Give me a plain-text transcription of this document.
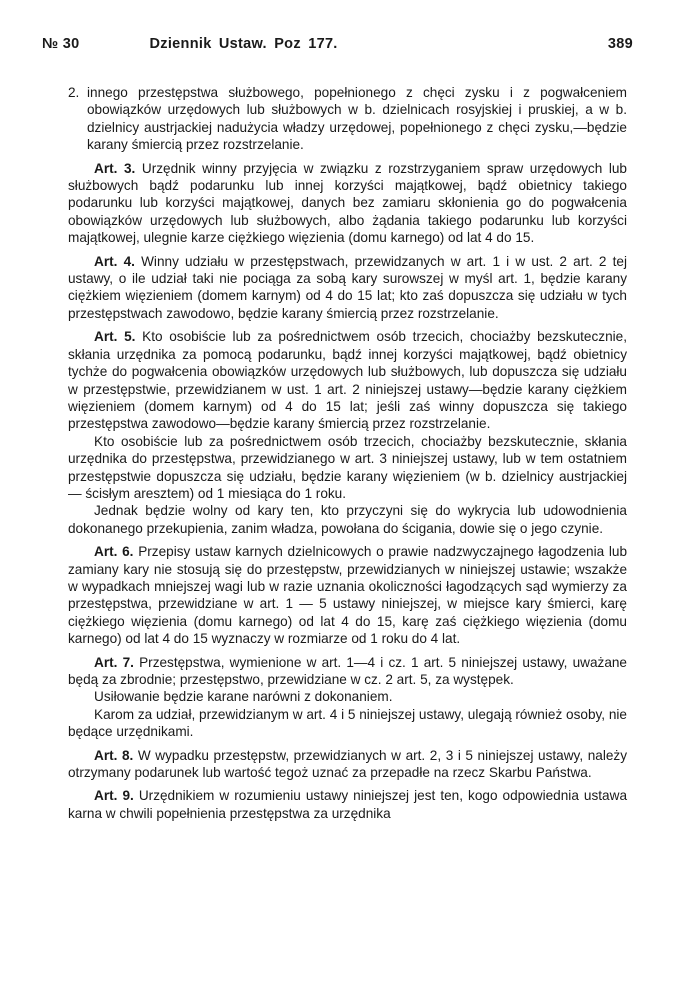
№ 30	Dziennik Ustaw. Poz 177.	389
2. innego przestępstwa służbowego, popełnionego z chęci zysku i z pogwałceniem obowiązków urzędowych lub służbowych w b. dzielnicach rosyjskiej i pruskiej, a w b. dzielnicy austrjackiej nadużycia władzy urzędowej, popełnionego z chęci zysku,—będzie karany śmiercią przez rozstrzelanie.

Art. 3. Urzędnik winny przyjęcia w związku z rozstrzyganiem spraw urzędowych lub służbowych bądź podarunku lub innej korzyści majątkowej, bądź obietnicy takiego podarunku lub korzyści majątkowej, danych bez zamiaru skłonienia go do pogwałcenia obowiązków urzędowych lub służbowych, albo żądania takiego podarunku lub korzyści majątkowej, ulegnie karze ciężkiego więzienia (domu karnego) od lat 4 do 15.

Art. 4. Winny udziału w przestępstwach, przewidzanych w art. 1 i w ust. 2 art. 2 tej ustawy, o ile udział taki nie pociąga za sobą kary surowszej w myśl art. 1, będzie karany ciężkiem więzieniem (domem karnym) od 4 do 15 lat; kto zaś dopuszcza się udziału w tych przestępstwach zawodowo, będzie karany śmiercią przez rozstrzelanie.

Art. 5. Kto osobiście lub za pośrednictwem osób trzecich, chociażby bezskutecznie, skłania urzędnika za pomocą podarunku, bądź innej korzyści majątkowej, bądź obietnicy tychże do pogwałcenia obowiązków urzędowych lub służbowych, lub dopuszcza się udziału w przestępstwie, przewidzianem w ust. 1 art. 2 niniejszej ustawy—będzie karany ciężkiem więzieniem (domem karnym) od 4 do 15 lat; jeśli zaś winny dopuszcza się takiego przestępstwa zawodowo—będzie karany śmiercią przez rozstrzelanie.

Kto osobiście lub za pośrednictwem osób trzecich, chociażby bezskutecznie, skłania urzędnika do przestępstwa, przewidzianego w art. 3 niniejszej ustawy, lub w tem ostatniem przestępstwie dopuszcza się udziału, będzie karany więzieniem (w b. dzielnicy austrjackiej — ścisłym aresztem) od 1 miesiąca do 1 roku.

Jednak będzie wolny od kary ten, kto przyczyni się do wykrycia lub udowodnienia dokonanego przekupienia, zanim władza, powołana do ścigania, dowie się o jego czynie.

Art. 6. Przepisy ustaw karnych dzielnicowych o prawie nadzwyczajnego łagodzenia lub zamiany kary nie stosują się do przestępstw, przewidzianych w niniejszej ustawie; wszakże w wypadkach mniejszej wagi lub w razie uznania okoliczności łagodzących sąd wymierzy za przestępstwa, przewidziane w art. 1 — 5 ustawy niniejszej, w miejsce kary śmierci, karę ciężkiego więzienia (domu karnego) od lat 4 do 15, karę zaś ciężkiego więzienia (domu karnego) od lat 4 do 15 wyznaczy w rozmiarze od 1 roku do 4 lat.

Art. 7. Przestępstwa, wymienione w art. 1—4 i cz. 1 art. 5 niniejszej ustawy, uważane będą za zbrodnie; przestępstwo, przewidziane w cz. 2 art. 5, za występek.

Usiłowanie będzie karane narówni z dokonaniem.

Karom za udział, przewidzianym w art. 4 i 5 niniejszej ustawy, ulegają również osoby, nie będące urzędnikami.

Art. 8. W wypadku przestępstw, przewidzianych w art. 2, 3 i 5 niniejszej ustawy, należy otrzymany podarunek lub wartość tegoż uznać za przepadłe na rzecz Skarbu Państwa.

Art. 9. Urzędnikiem w rozumieniu ustawy niniejszej jest ten, kogo odpowiednia ustawa karna w chwili popełnienia przestępstwa za urzędnika
